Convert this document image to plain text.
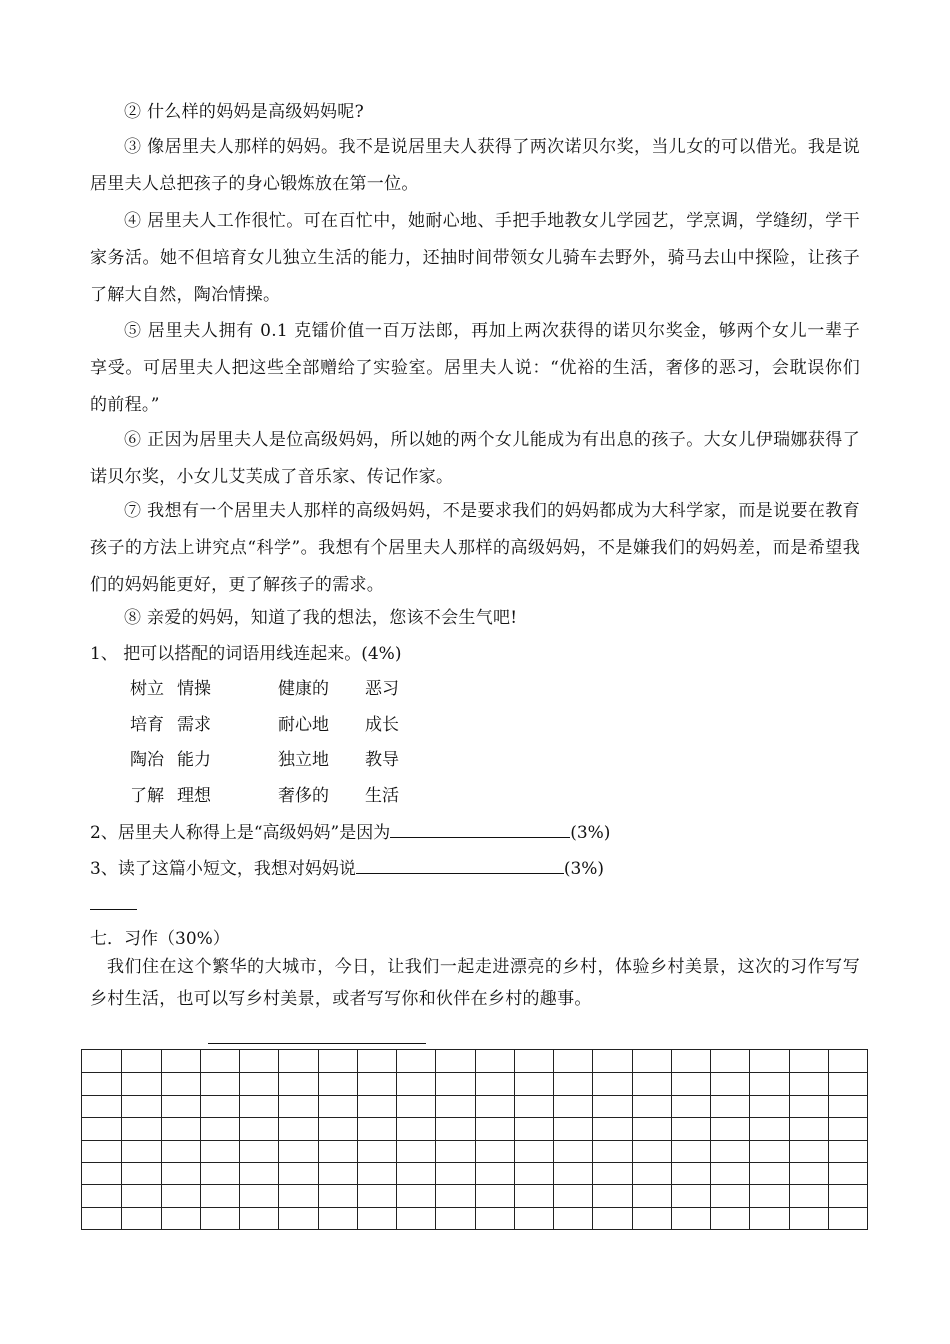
② 什么样的妈妈是高级妈妈呢?
③ 像居里夫人那样的妈妈。我不是说居里夫人获得了两次诺贝尔奖，当儿女的可以借光。我是说居里夫人总把孩子的身心锻炼放在第一位。
④ 居里夫人工作很忙。可在百忙中，她耐心地、手把手地教女儿学园艺，学烹调，学缝纫，学干家务活。她不但培育女儿独立生活的能力，还抽时间带领女儿骑车去野外，骑马去山中探险，让孩子了解大自然，陶冶情操。
⑤ 居里夫人拥有 0.1 克镭价值一百万法郎，再加上两次获得的诺贝尔奖金，够两个女儿一辈子享受。可居里夫人把这些全部赠给了实验室。居里夫人说：“优裕的生活，奢侈的恶习，会耽误你们的前程。”
⑥ 正因为居里夫人是位高级妈妈，所以她的两个女儿能成为有出息的孩子。大女儿伊瑞娜获得了诺贝尔奖，小女儿艾芙成了音乐家、传记作家。
⑦ 我想有一个居里夫人那样的高级妈妈，不是要求我们的妈妈都成为大科学家，而是说要在教育孩子的方法上讲究点“科学”。我想有个居里夫人那样的高级妈妈，不是嫌我们的妈妈差，而是希望我们的妈妈能更好，更了解孩子的需求。
⑧ 亲爱的妈妈，知道了我的想法，您该不会生气吧!
1、 把可以搭配的词语用线连起来。(4%)
树立 情操	健康的 恶习
培育 需求	耐心地 成长
陶冶 能力	独立地 教导
了解 理想	奢侈的 生活
2、居里夫人称得上是“高级妈妈”是因为	(3%)
3、读了这篇小短文，我想对妈妈说	(3%)
七．习作（30%）
我们住在这个繁华的大城市，今日，让我们一起走进漂亮的乡村，体验乡村美景，这次的习作写写乡村生活，也可以写乡村美景，或者写写你和伙伴在乡村的趣事。
